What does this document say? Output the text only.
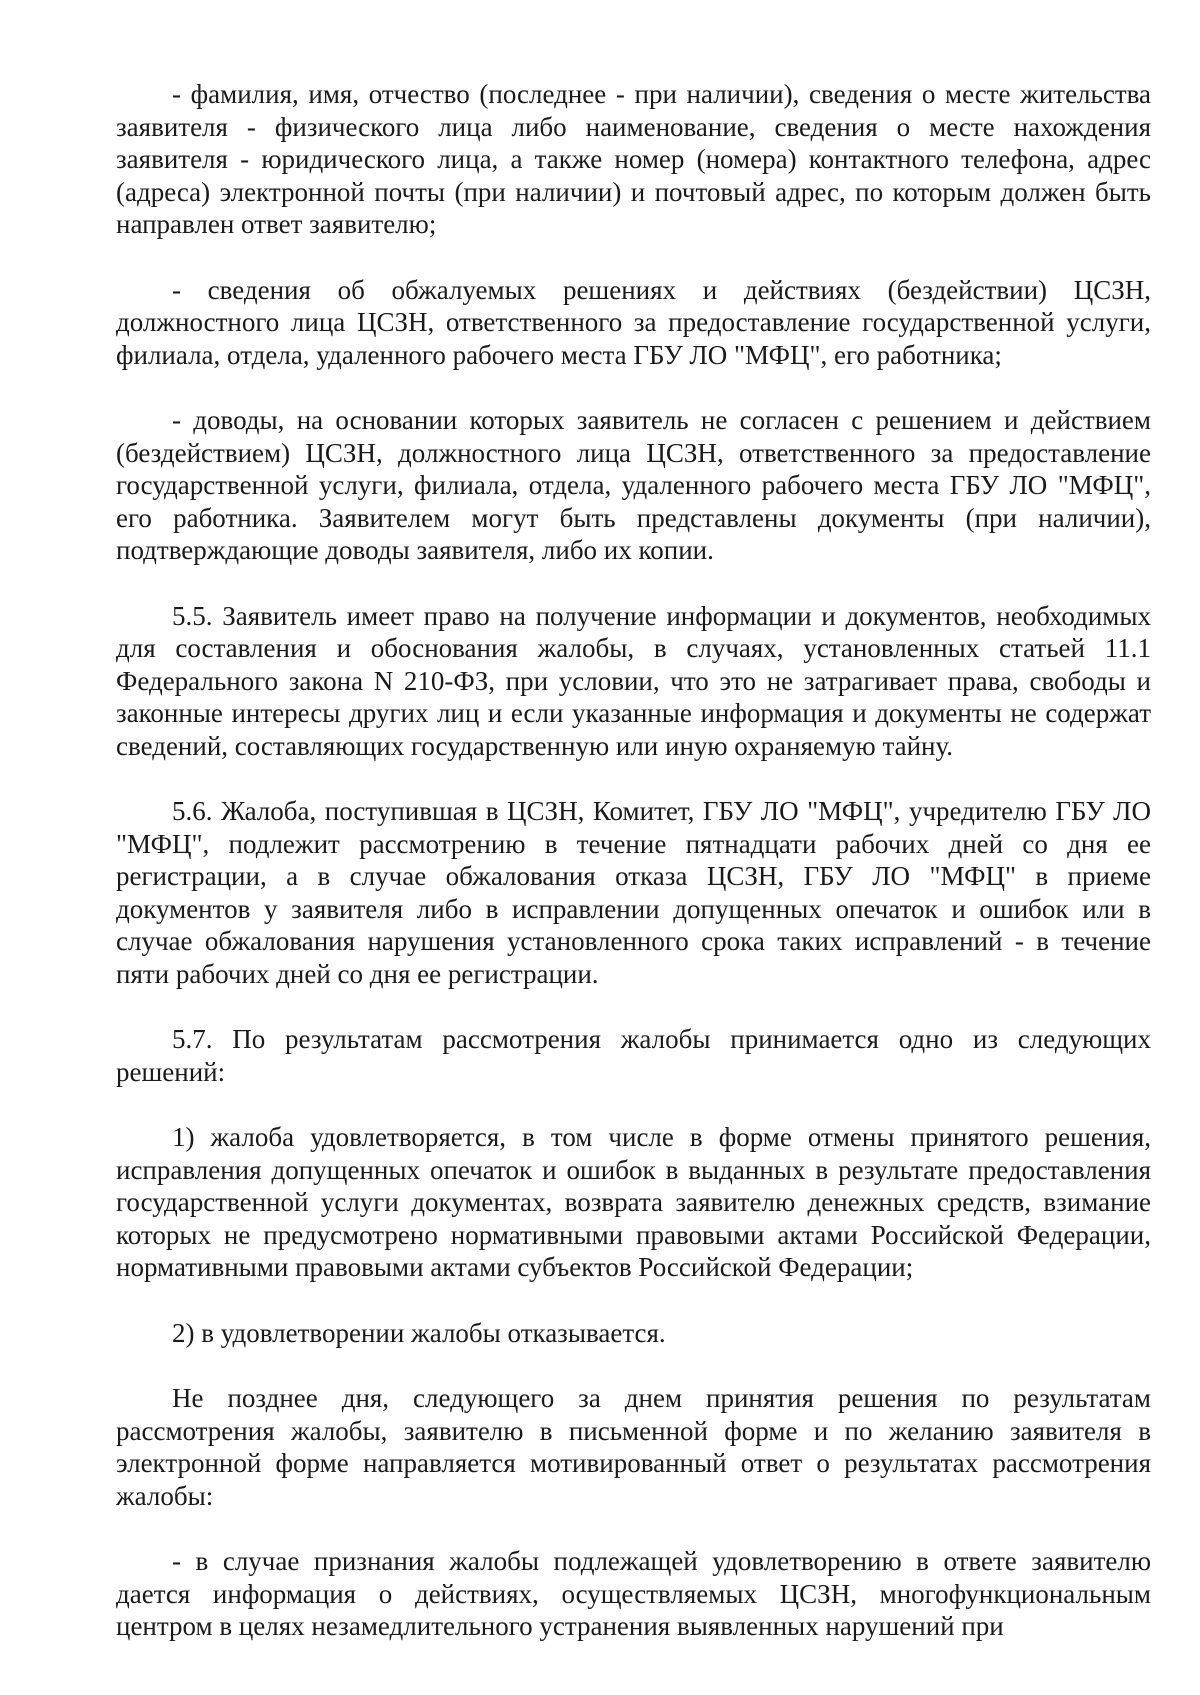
- фамилия, имя, отчество (последнее - при наличии), сведения о месте жительства заявителя - физического лица либо наименование, сведения о месте нахождения заявителя - юридического лица, а также номер (номера) контактного телефона, адрес (адреса) электронной почты (при наличии) и почтовый адрес, по которым должен быть направлен ответ заявителю;

- сведения об обжалуемых решениях и действиях (бездействии) ЦСЗН, должностного лица ЦСЗН, ответственного за предоставление государственной услуги, филиала, отдела, удаленного рабочего места ГБУ ЛО "МФЦ", его работника;

- доводы, на основании которых заявитель не согласен с решением и действием (бездействием) ЦСЗН, должностного лица ЦСЗН, ответственного за предоставление государственной услуги, филиала, отдела, удаленного рабочего места ГБУ ЛО "МФЦ", его работника. Заявителем могут быть представлены документы (при наличии), подтверждающие доводы заявителя, либо их копии.

5.5. Заявитель имеет право на получение информации и документов, необходимых для составления и обоснования жалобы, в случаях, установленных статьей 11.1 Федерального закона N 210-ФЗ, при условии, что это не затрагивает права, свободы и законные интересы других лиц и если указанные информация и документы не содержат сведений, составляющих государственную или иную охраняемую тайну.

5.6. Жалоба, поступившая в ЦСЗН, Комитет, ГБУ ЛО "МФЦ", учредителю ГБУ ЛО "МФЦ", подлежит рассмотрению в течение пятнадцати рабочих дней со дня ее регистрации, а в случае обжалования отказа ЦСЗН, ГБУ ЛО "МФЦ" в приеме документов у заявителя либо в исправлении допущенных опечаток и ошибок или в случае обжалования нарушения установленного срока таких исправлений - в течение пяти рабочих дней со дня ее регистрации.

5.7. По результатам рассмотрения жалобы принимается одно из следующих решений:

1) жалоба удовлетворяется, в том числе в форме отмены принятого решения, исправления допущенных опечаток и ошибок в выданных в результате предоставления государственной услуги документах, возврата заявителю денежных средств, взимание которых не предусмотрено нормативными правовыми актами Российской Федерации, нормативными правовыми актами субъектов Российской Федерации;

2) в удовлетворении жалобы отказывается.

Не позднее дня, следующего за днем принятия решения по результатам рассмотрения жалобы, заявителю в письменной форме и по желанию заявителя в электронной форме направляется мотивированный ответ о результатах рассмотрения жалобы:

- в случае признания жалобы подлежащей удовлетворению в ответе заявителю дается информация о действиях, осуществляемых ЦСЗН, многофункциональным центром в целях незамедлительного устранения выявленных нарушений при
